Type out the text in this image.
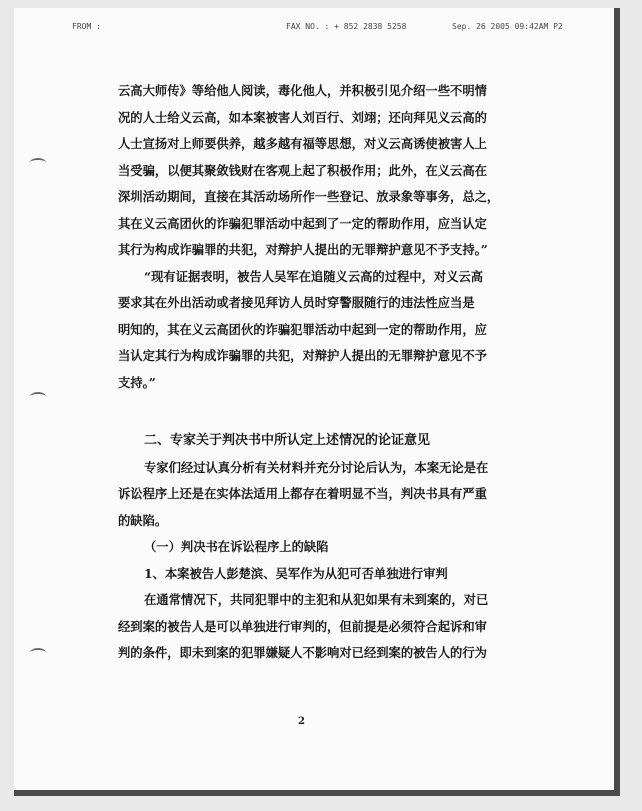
FROM :	FAX NO. : + 852 2838 5258	Sep. 26 2005 09:42AM P2
云高大师传》等给他人阅读，毒化他人，并积极引见介绍一些不明情
况的人士给义云高，如本案被害人刘百行、刘翊；还向拜见义云高的
人士宣扬对上师要供养，越多越有福等思想，对义云高诱使被害人上
当受骗，以便其聚敛钱财在客观上起了积极作用；此外，在义云高在
深圳活动期间，直接在其活动场所作一些登记、放录象等事务，总之，
其在义云高团伙的诈骗犯罪活动中起到了一定的帮助作用，应当认定
其行为构成诈骗罪的共犯，对辩护人提出的无罪辩护意见不予支持。”
“现有证据表明，被告人吴军在追随义云高的过程中，对义云高
要求其在外出活动或者接见拜访人员时穿警服随行的违法性应当是
明知的，其在义云高团伙的诈骗犯罪活动中起到一定的帮助作用，应
当认定其行为构成诈骗罪的共犯，对辩护人提出的无罪辩护意见不予
支持。”
二、专家关于判决书中所认定上述情况的论证意见
专家们经过认真分析有关材料并充分讨论后认为，本案无论是在
诉讼程序上还是在实体法适用上都存在着明显不当，判决书具有严重
的缺陷。
（一）判决书在诉讼程序上的缺陷
1、本案被告人彭楚滨、吴军作为从犯可否单独进行审判
在通常情况下，共同犯罪中的主犯和从犯如果有未到案的，对已
经到案的被告人是可以单独进行审判的，但前提是必须符合起诉和审
判的条件，即未到案的犯罪嫌疑人不影响对已经到案的被告人的行为
2
